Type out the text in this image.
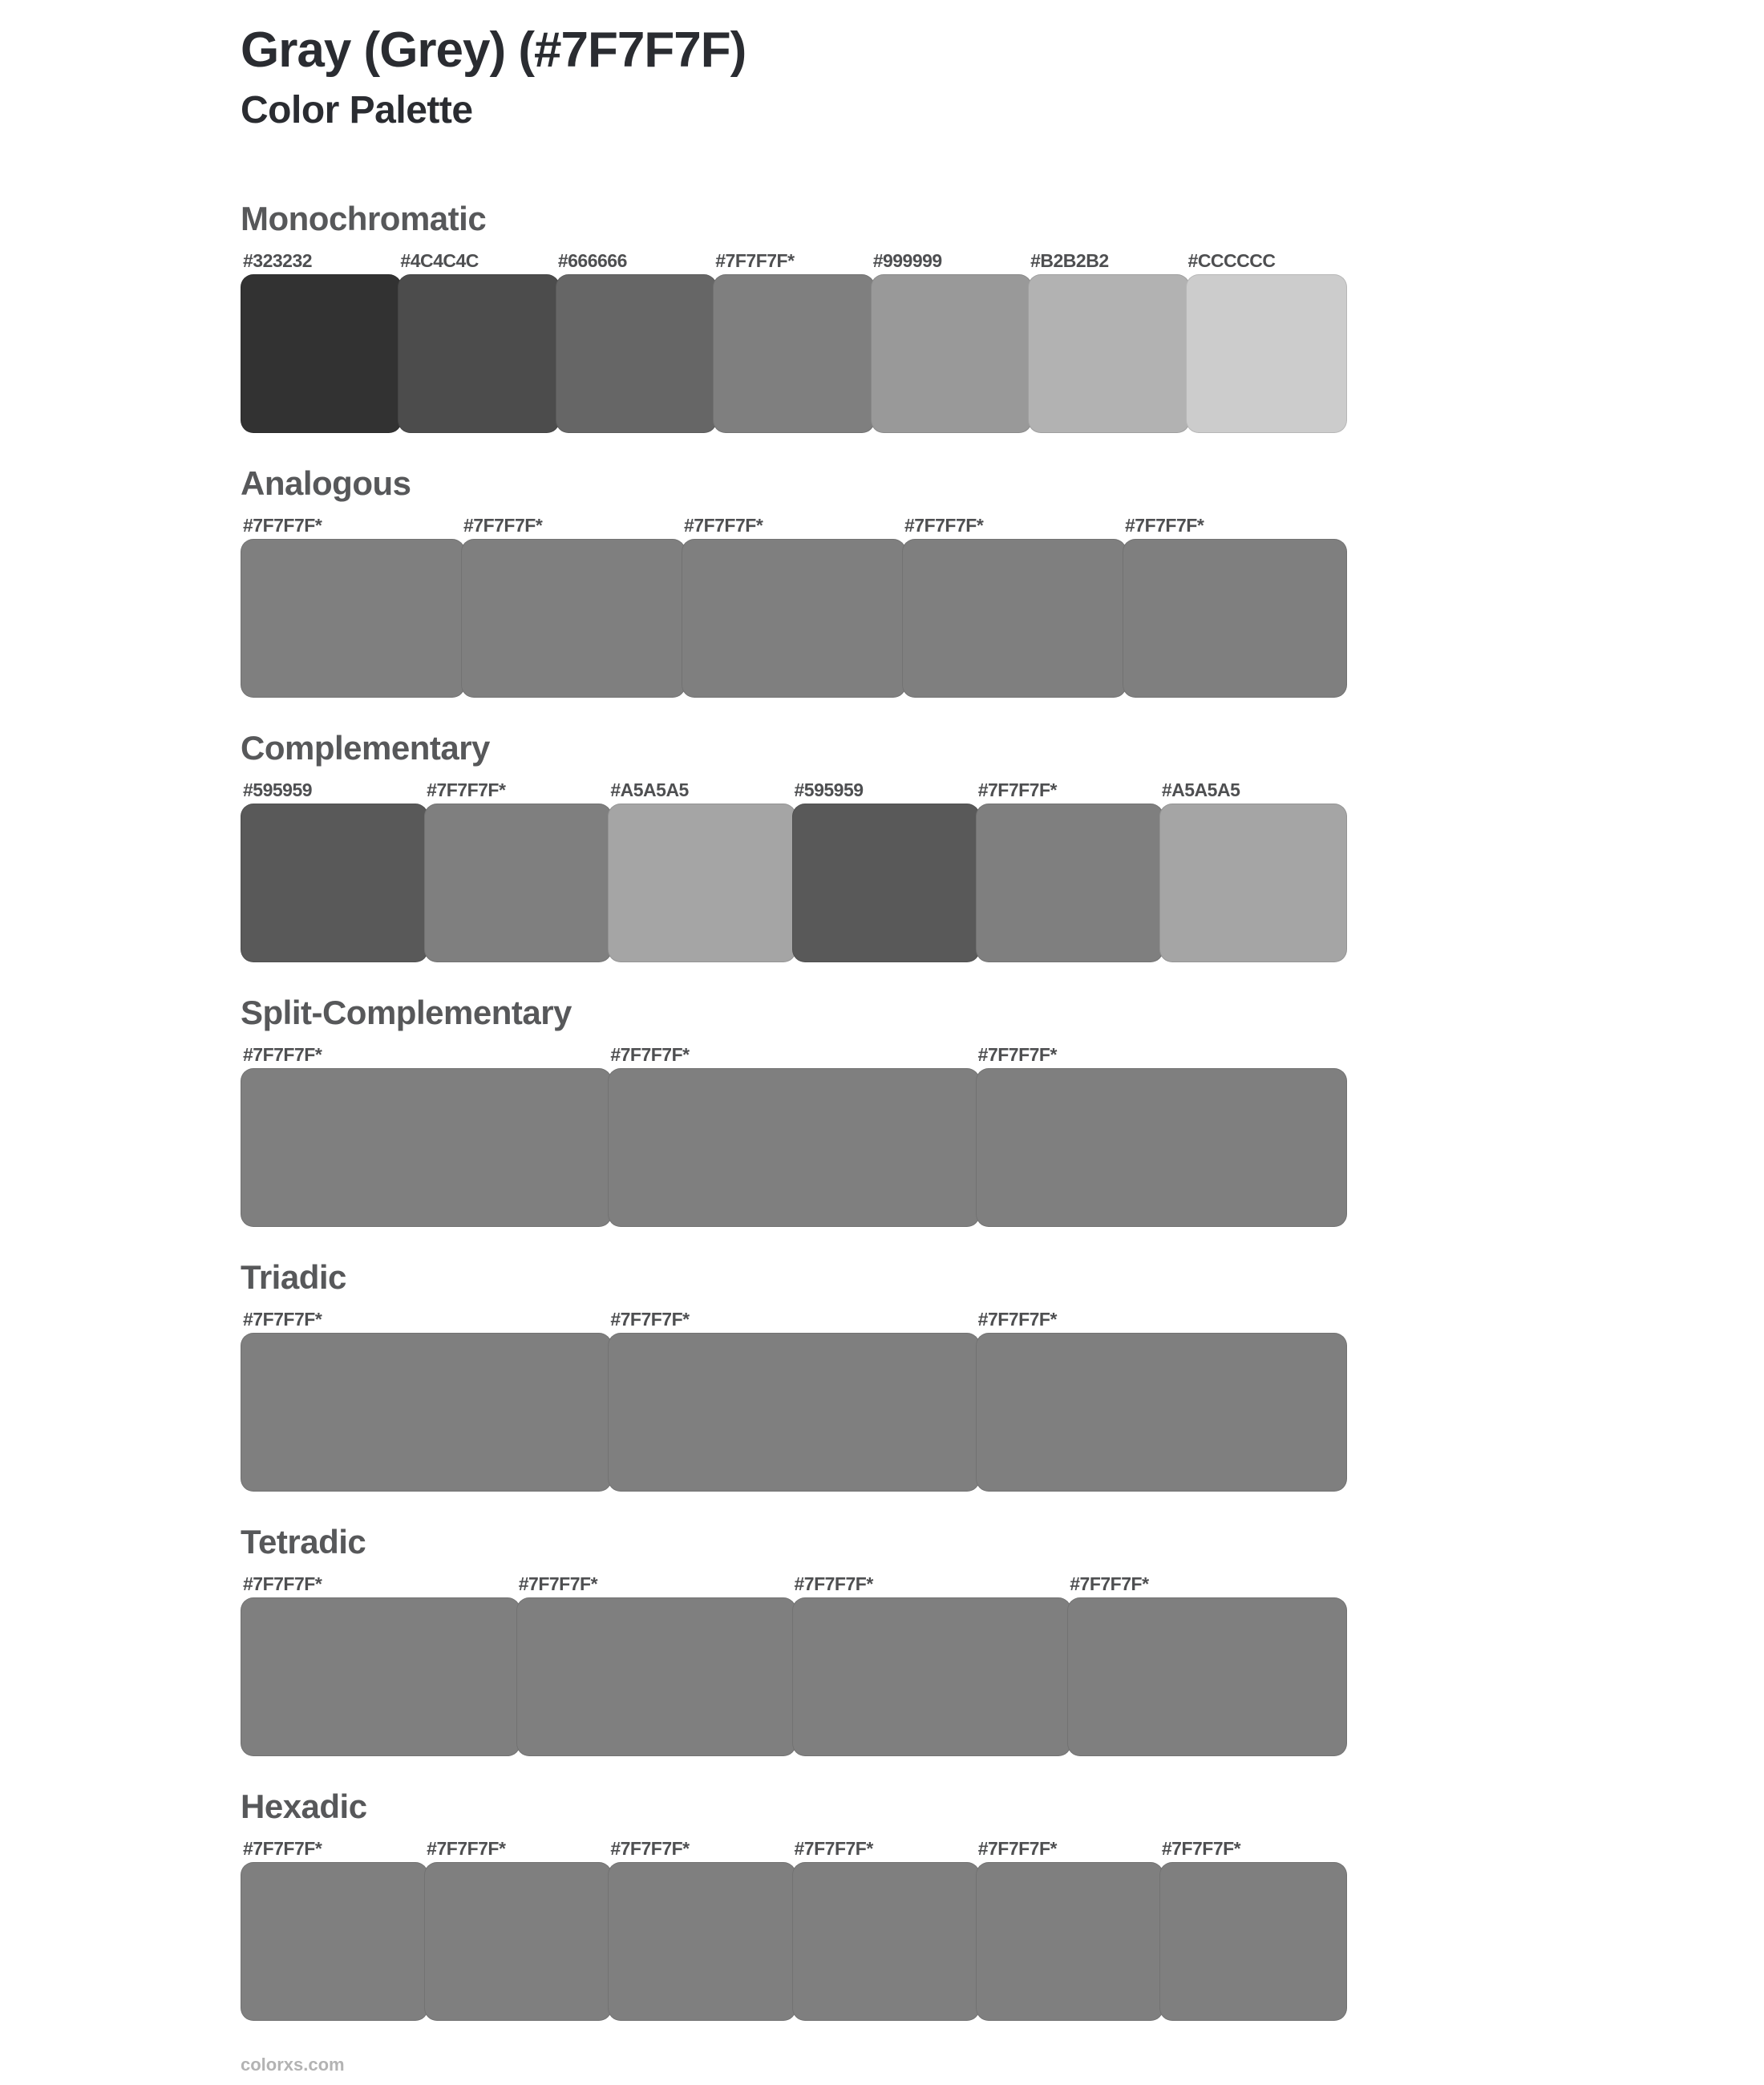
Gray (Grey) (#7F7F7F)
Color Palette
Monochromatic
#323232	#4C4C4C	#666666	#7F7F7F*	#999999	#B2B2B2	#CCCCCC
Analogous
#7F7F7F*	#7F7F7F*	#7F7F7F*	#7F7F7F*	#7F7F7F*
Complementary
#595959	#7F7F7F*	#A5A5A5	#595959	#7F7F7F*	#A5A5A5
Split-Complementary
#7F7F7F*	#7F7F7F*	#7F7F7F*
Triadic
#7F7F7F*	#7F7F7F*	#7F7F7F*
Tetradic
#7F7F7F*	#7F7F7F*	#7F7F7F*	#7F7F7F*
Hexadic
#7F7F7F*	#7F7F7F*	#7F7F7F*	#7F7F7F*	#7F7F7F*	#7F7F7F*
colorxs.com
